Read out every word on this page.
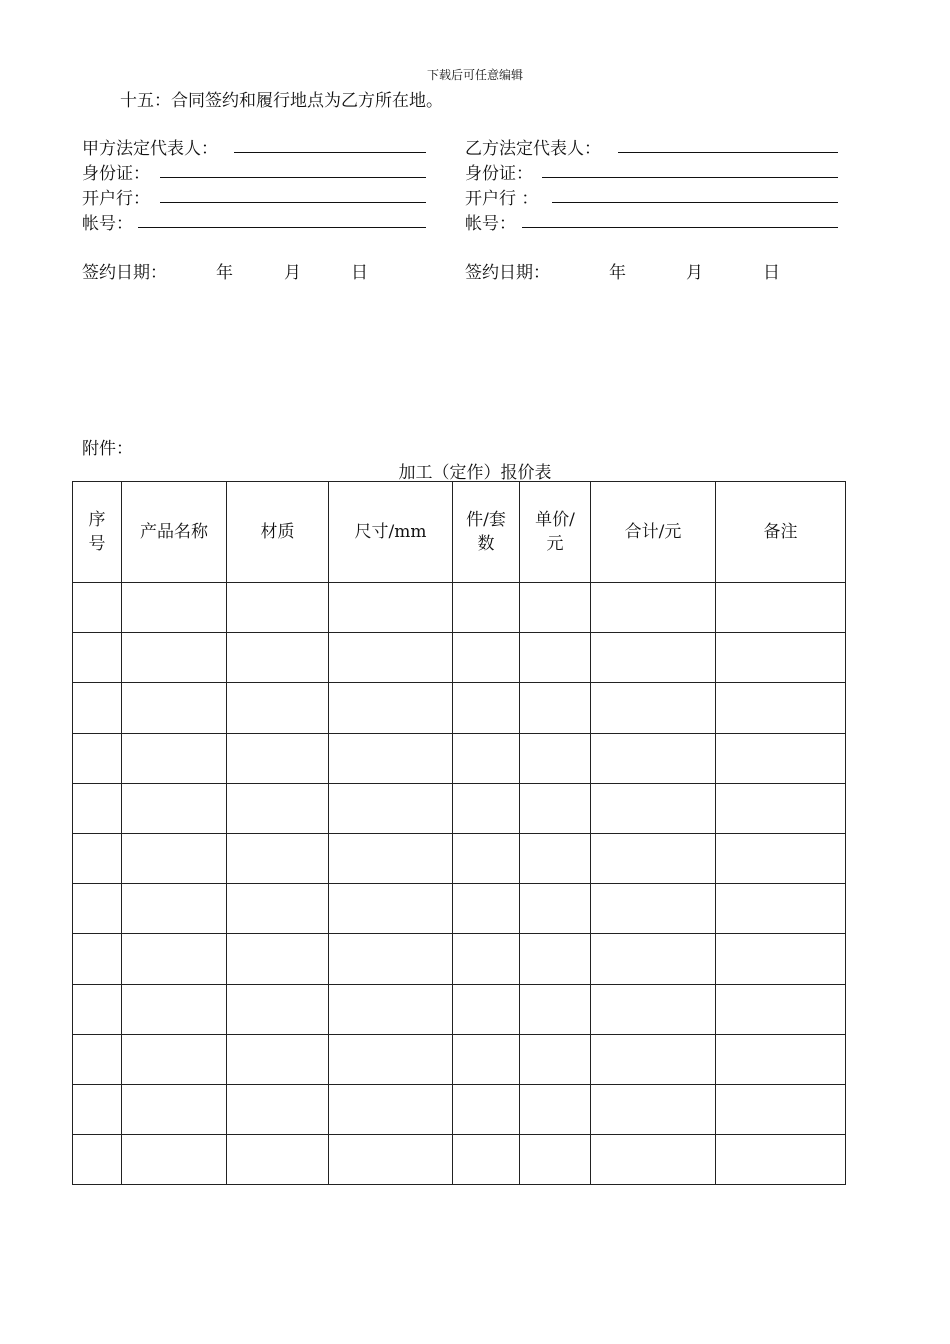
下载后可任意编辑
十五：合同签约和履行地点为乙方所在地。
甲方法定代表人：
身份证：
开户行：
帐号：
签约日期：	年	月	日
乙方法定代表人：
身份证：
开户行 ：
帐号：
签约日期：	年	月	日
附件：
加工（定作）报价表
序号	产品名称	材质	尺寸/mm	件/套数	单价/元	合计/元	备注
